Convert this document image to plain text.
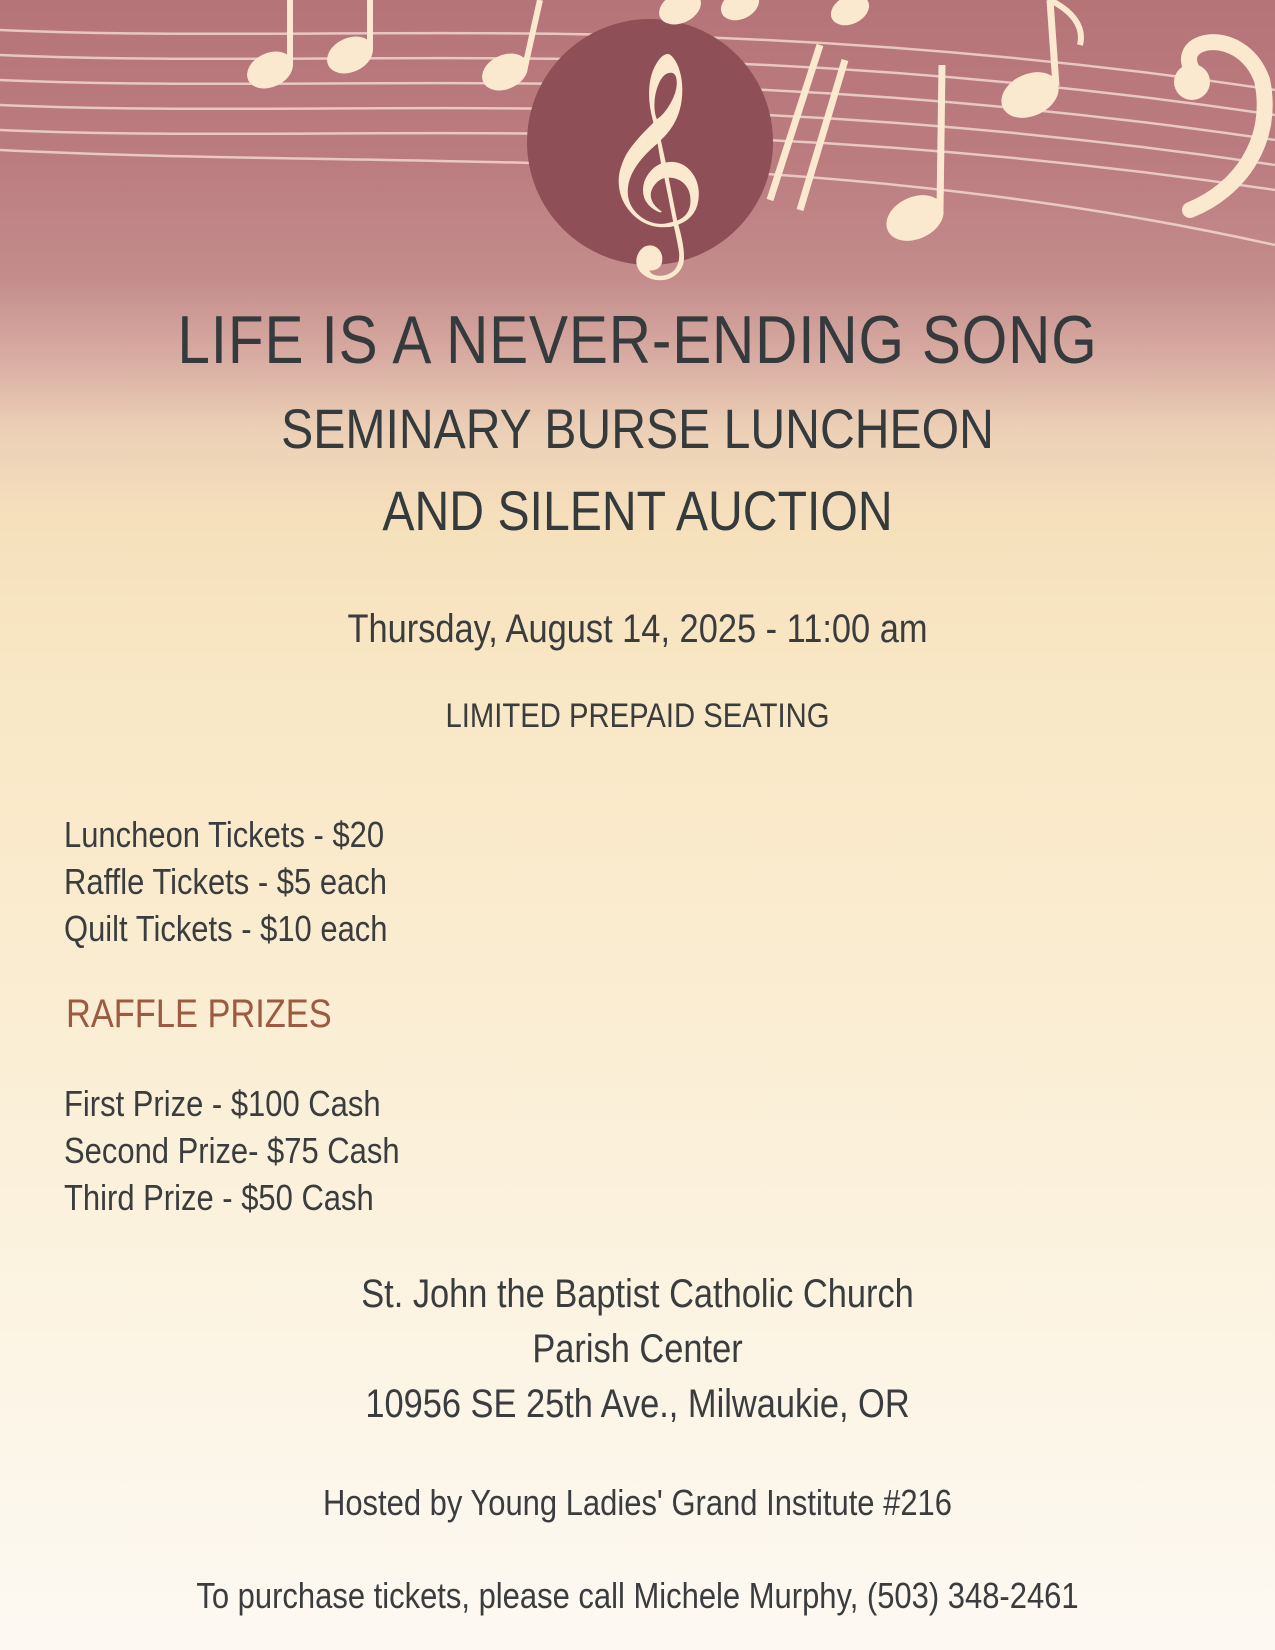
𝄞
LIFE IS A NEVER-ENDING SONG
SEMINARY BURSE LUNCHEON
AND SILENT AUCTION
Thursday, August 14, 2025 - 11:00 am
LIMITED PREPAID SEATING
Luncheon Tickets - $20
Raffle Tickets - $5 each
Quilt Tickets - $10 each
RAFFLE PRIZES
First Prize - $100 Cash
Second Prize- $75 Cash
Third Prize - $50 Cash
St. John the Baptist Catholic Church
Parish Center
10956 SE 25th Ave., Milwaukie, OR
Hosted by Young Ladies' Grand Institute #216
To purchase tickets, please call Michele Murphy, (503) 348-2461
